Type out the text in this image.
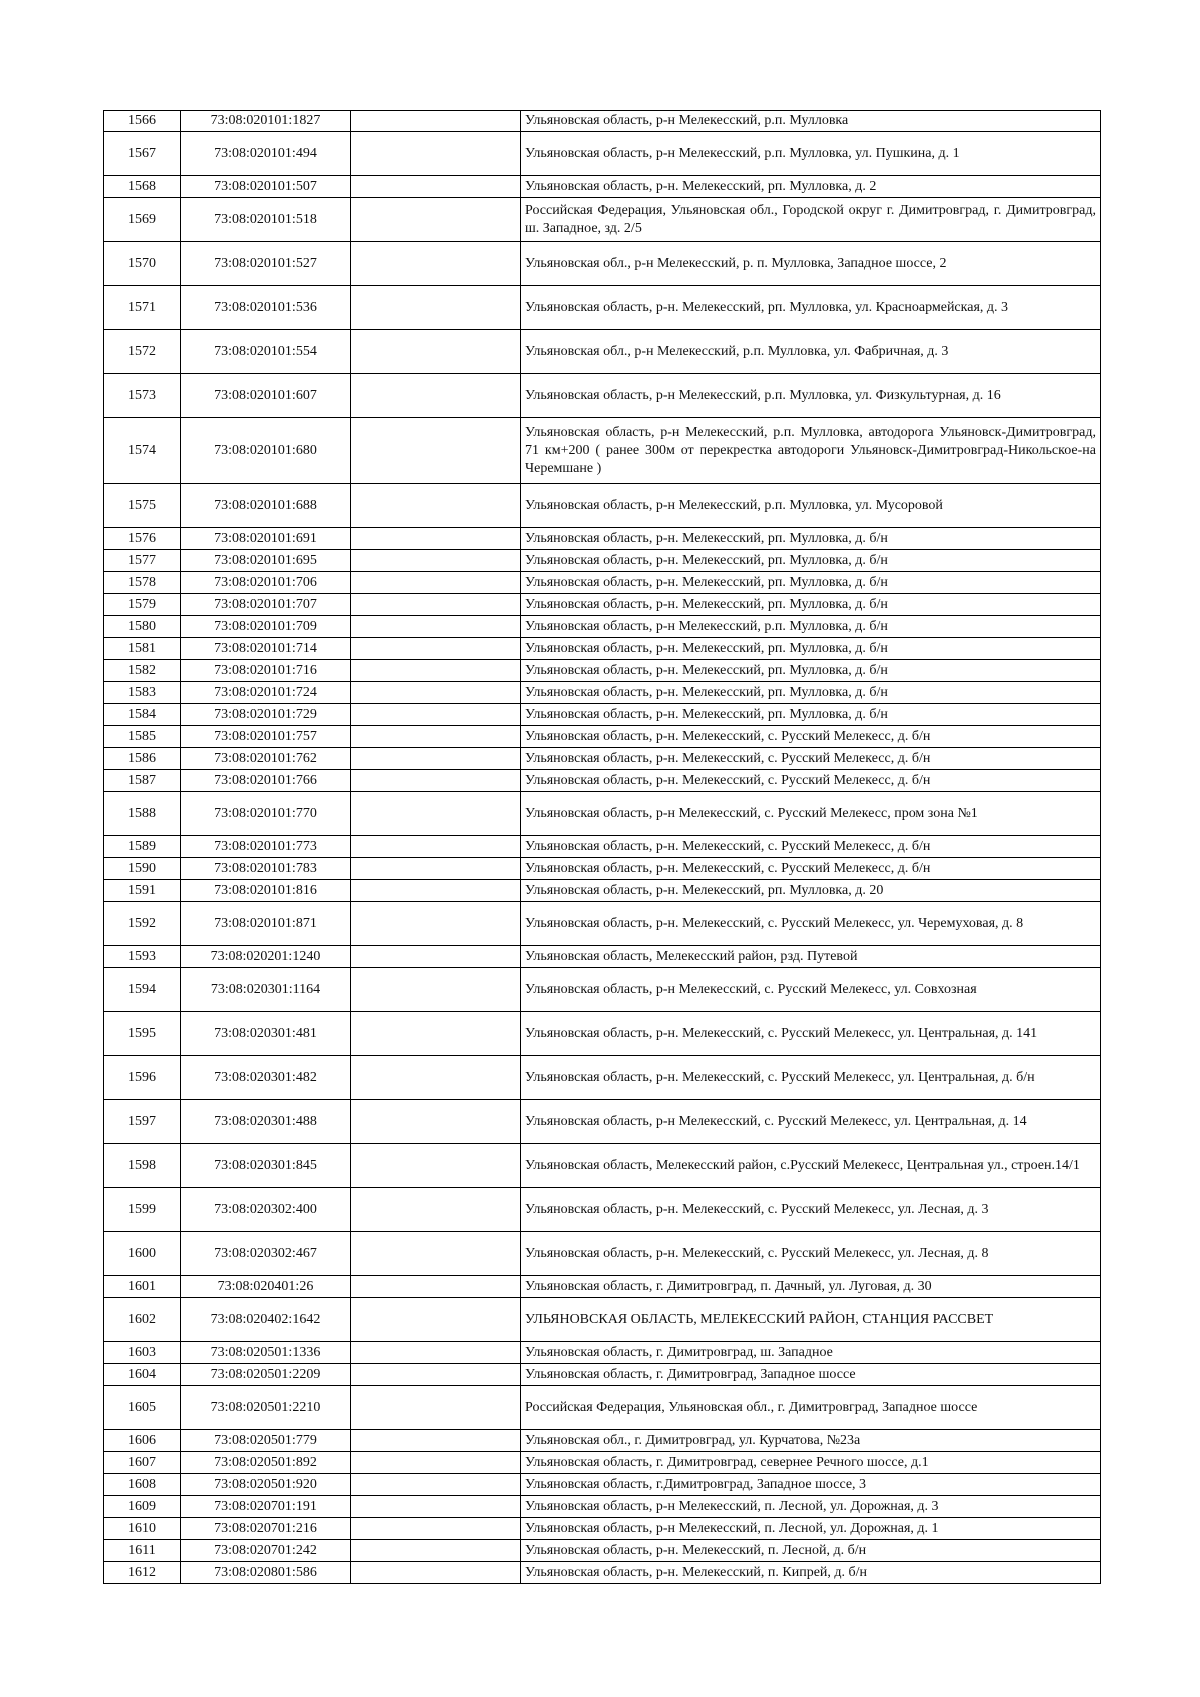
1566	73:08:020101:1827		Ульяновская область, р-н Мелекесский, р.п. Мулловка
1567	73:08:020101:494		Ульяновская область, р-н Мелекесский, р.п. Мулловка, ул. Пушкина, д. 1
1568	73:08:020101:507		Ульяновская область, р-н. Мелекесский, рп. Мулловка, д. 2
1569	73:08:020101:518		Российская Федерация, Ульяновская обл., Городской округ г. Димитровград, г. Димитровград, ш. Западное, зд. 2/5
1570	73:08:020101:527		Ульяновская обл., р-н Мелекесский, р. п. Мулловка, Западное шоссе, 2
1571	73:08:020101:536		Ульяновская область, р-н. Мелекесский, рп. Мулловка, ул. Красноармейская, д. 3
1572	73:08:020101:554		Ульяновская обл., р-н Мелекесский, р.п. Мулловка, ул. Фабричная, д. 3
1573	73:08:020101:607		Ульяновская область, р-н Мелекесский, р.п. Мулловка, ул. Физкультурная, д. 16
1574	73:08:020101:680		Ульяновская область, р-н Мелекесский, р.п. Мулловка, автодорога Ульяновск-Димитровград, 71 км+200 ( ранее 300м от перекрестка автодороги Ульяновск-Димитровград-Никольское-на Черемшане )
1575	73:08:020101:688		Ульяновская область, р-н Мелекесский, р.п. Мулловка, ул. Мусоровой
1576	73:08:020101:691		Ульяновская область, р-н. Мелекесский, рп. Мулловка, д. б/н
1577	73:08:020101:695		Ульяновская область, р-н. Мелекесский, рп. Мулловка, д. б/н
1578	73:08:020101:706		Ульяновская область, р-н. Мелекесский, рп. Мулловка, д. б/н
1579	73:08:020101:707		Ульяновская область, р-н. Мелекесский, рп. Мулловка, д. б/н
1580	73:08:020101:709		Ульяновская область, р-н Мелекесский, р.п. Мулловка, д. б/н
1581	73:08:020101:714		Ульяновская область, р-н. Мелекесский, рп. Мулловка, д. б/н
1582	73:08:020101:716		Ульяновская область, р-н. Мелекесский, рп. Мулловка, д. б/н
1583	73:08:020101:724		Ульяновская область, р-н. Мелекесский, рп. Мулловка, д. б/н
1584	73:08:020101:729		Ульяновская область, р-н. Мелекесский, рп. Мулловка, д. б/н
1585	73:08:020101:757		Ульяновская область, р-н. Мелекесский, с. Русский Мелекесс, д. б/н
1586	73:08:020101:762		Ульяновская область, р-н. Мелекесский, с. Русский Мелекесс, д. б/н
1587	73:08:020101:766		Ульяновская область, р-н. Мелекесский, с. Русский Мелекесс, д. б/н
1588	73:08:020101:770		Ульяновская область, р-н Мелекесский, с. Русский Мелекесс, пром зона №1
1589	73:08:020101:773		Ульяновская область, р-н. Мелекесский, с. Русский Мелекесс, д. б/н
1590	73:08:020101:783		Ульяновская область, р-н. Мелекесский, с. Русский Мелекесс, д. б/н
1591	73:08:020101:816		Ульяновская область, р-н. Мелекесский, рп. Мулловка, д. 20
1592	73:08:020101:871		Ульяновская область, р-н. Мелекесский, с. Русский Мелекесс, ул. Черемуховая, д. 8
1593	73:08:020201:1240		Ульяновская область, Мелекесский район, рзд. Путевой
1594	73:08:020301:1164		Ульяновская область, р-н Мелекесский, с. Русский Мелекесс, ул. Совхозная
1595	73:08:020301:481		Ульяновская область, р-н. Мелекесский, с. Русский Мелекесс, ул. Центральная, д. 141
1596	73:08:020301:482		Ульяновская область, р-н. Мелекесский, с. Русский Мелекесс, ул. Центральная, д. б/н
1597	73:08:020301:488		Ульяновская область, р-н Мелекесский, с. Русский Мелекесс, ул. Центральная, д. 14
1598	73:08:020301:845		Ульяновская область, Мелекесский район, с.Русский Мелекесс, Центральная ул., строен.14/1
1599	73:08:020302:400		Ульяновская область, р-н. Мелекесский, с. Русский Мелекесс, ул. Лесная, д. 3
1600	73:08:020302:467		Ульяновская область, р-н. Мелекесский, с. Русский Мелекесс, ул. Лесная, д. 8
1601	73:08:020401:26		Ульяновская область, г. Димитровград, п. Дачный, ул. Луговая, д. 30
1602	73:08:020402:1642		УЛЬЯНОВСКАЯ ОБЛАСТЬ, МЕЛЕКЕССКИЙ РАЙОН, СТАНЦИЯ РАССВЕТ
1603	73:08:020501:1336		Ульяновская область, г. Димитровград, ш. Западное
1604	73:08:020501:2209		Ульяновская область, г. Димитровград, Западное шоссе
1605	73:08:020501:2210		Российская Федерация, Ульяновская обл., г. Димитровград, Западное шоссе
1606	73:08:020501:779		Ульяновская обл., г. Димитровград, ул. Курчатова, №23а
1607	73:08:020501:892		Ульяновская область, г. Димитровград, севернее Речного шоссе, д.1
1608	73:08:020501:920		Ульяновская область, г.Димитровград, Западное шоссе, 3
1609	73:08:020701:191		Ульяновская область, р-н Мелекесский, п. Лесной, ул. Дорожная, д. 3
1610	73:08:020701:216		Ульяновская область, р-н Мелекесский, п. Лесной, ул. Дорожная, д. 1
1611	73:08:020701:242		Ульяновская область, р-н. Мелекесский, п. Лесной, д. б/н
1612	73:08:020801:586		Ульяновская область, р-н. Мелекесский, п. Кипрей, д. б/н
